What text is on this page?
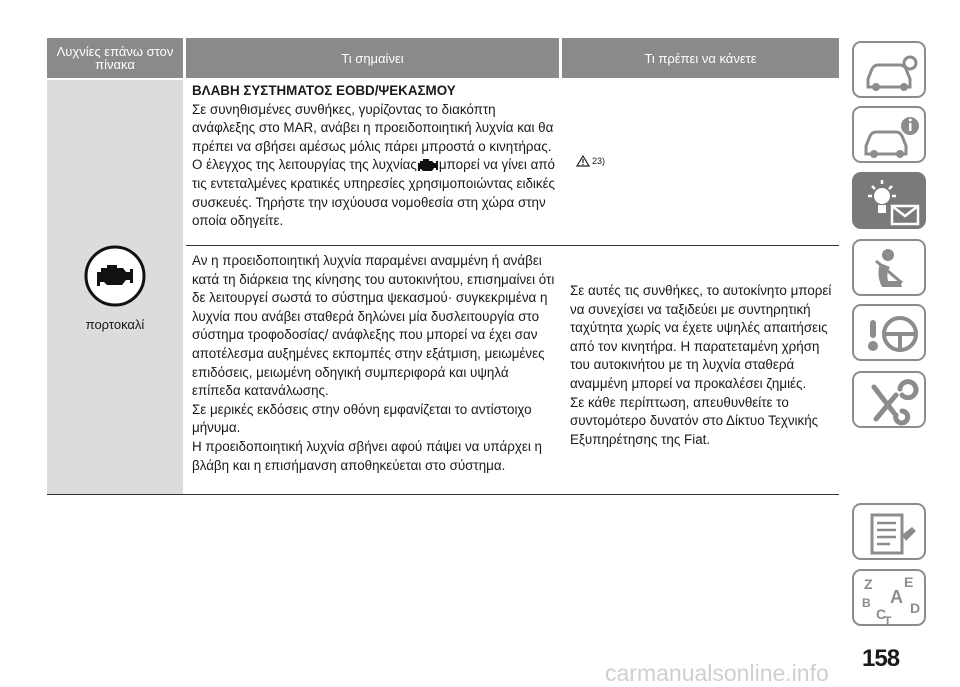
Λυχνίες επάνω στον πίνακα	Τι σημαίνει	Τι πρέπει να κάνετε
πορτοκαλί
ΒΛΑΒΗ ΣΥΣΤΗΜΑΤΟΣ EOBD/ΨΕΚΑΣΜΟΥ
Σε συνηθισμένες συνθήκες, γυρίζοντας το διακόπτη ανάφλεξης στο MAR, ανάβει η προειδοποιητική λυχνία και θα πρέπει να σβήσει αμέσως μόλις πάρει μπροστά ο κινητήρας.
Ο έλεγχος της λειτουργίας της λυχνίας μπορεί να γίνει από τις εντεταλμένες κρατικές υπηρεσίες χρησιμοποιώντας ειδικές συσκευές. Τηρήστε την ισχύουσα νομοθεσία στη χώρα στην οποία οδηγείτε.
23)
Αν η προειδοποιητική λυχνία παραμένει αναμμένη ή ανάβει κατά τη διάρκεια της κίνησης του αυτοκινήτου, επισημαίνει ότι δε λειτουργεί σωστά το σύστημα ψεκασμού· συγκεκριμένα η λυχνία που ανάβει σταθερά δηλώνει μία δυσλειτουργία στο σύστημα τροφοδοσίας/ ανάφλεξης που μπορεί να έχει σαν αποτέλεσμα αυξημένες εκπομπές στην εξάτμιση, μειωμένες επιδόσεις, μειωμένη οδηγική συμπεριφορά και υψηλά επίπεδα κατανάλωσης.
Σε μερικές εκδόσεις στην οθόνη εμφανίζεται το αντίστοιχο μήνυμα.
Η προειδοποιητική λυχνία σβήνει αφού πάψει να υπάρχει η βλάβη και η επισήμανση αποθηκεύεται στο σύστημα.
Σε αυτές τις συνθήκες, το αυτοκίνητο μπορεί να συνεχίσει να ταξιδεύει με συντηρητική ταχύτητα χωρίς να έχετε υψηλές απαιτήσεις από τον κινητήρα. Η παρατεταμένη χρήση του αυτοκινήτου με τη λυχνία σταθερά αναμμένη μπορεί να προκαλέσει ζημιές.
Σε κάθε περίπτωση, απευθυνθείτε το συντομότερο δυνατόν στο Δίκτυο Τεχνικής Εξυπηρέτησης της Fiat.
Z E
B A
C D
T
158
carmanualsonline.info
